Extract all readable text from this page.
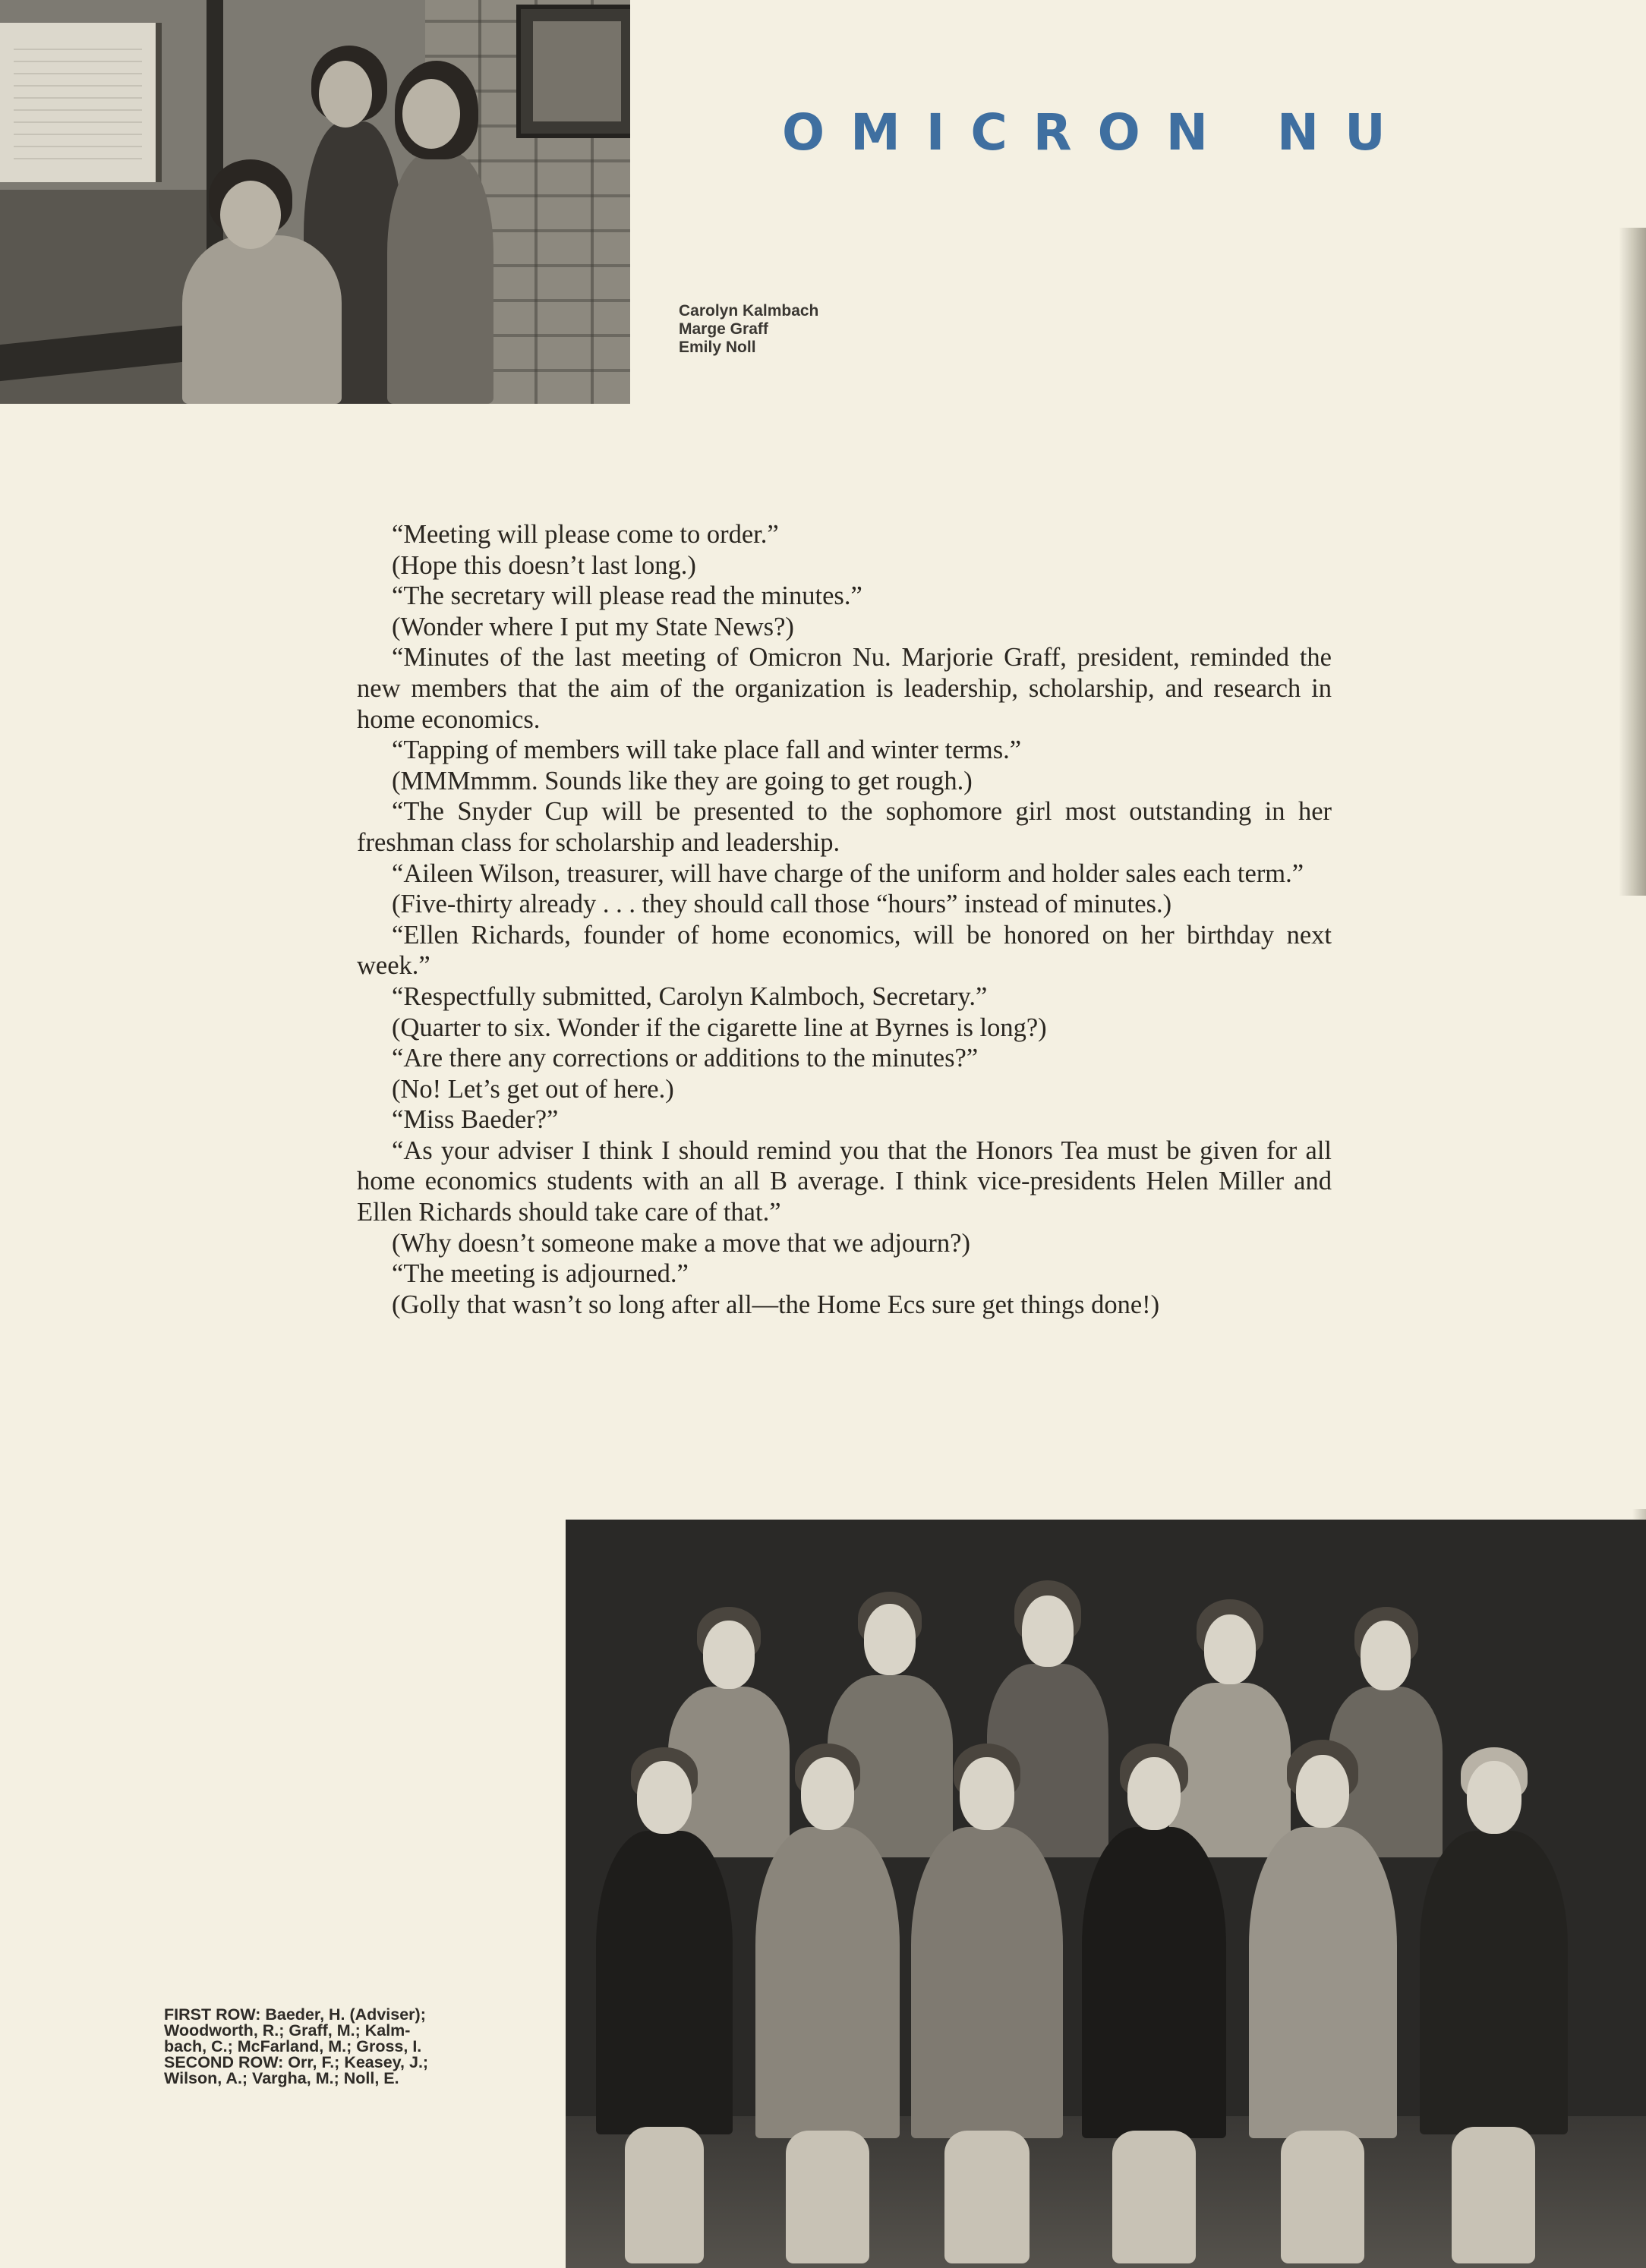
OMICRON NU
Carolyn Kalmbach
Marge Graff
Emily Noll

“Meeting will please come to order.”

(Hope this doesn’t last long.)

“The secretary will please read the minutes.”

(Wonder where I put my State News?)

“Minutes of the last meeting of Omicron Nu. Marjorie Graff, president, reminded the new members that the aim of the organization is leadership, scholarship, and research in home economics.

“Tapping of members will take place fall and winter terms.”

(MMMmmm. Sounds like they are going to get rough.)

“The Snyder Cup will be presented to the sophomore girl most outstanding in her freshman class for scholarship and leadership.

“Aileen Wilson, treasurer, will have charge of the uniform and holder sales each term.”

(Five-thirty already . . . they should call those “hours” instead of minutes.)

“Ellen Richards, founder of home economics, will be honored on her birthday next week.”

“Respectfully submitted, Carolyn Kalmboch, Secretary.”

(Quarter to six. Wonder if the cigarette line at Byrnes is long?)

“Are there any corrections or additions to the minutes?”

(No! Let’s get out of here.)

“Miss Baeder?”

“As your adviser I think I should remind you that the Honors Tea must be given for all home economics students with an all B average. I think vice-presidents Helen Miller and Ellen Richards should take care of that.”

(Why doesn’t someone make a move that we adjourn?)

“The meeting is adjourned.”

(Golly that wasn’t so long after all—the Home Ecs sure get things done!)

FIRST ROW: Baeder, H. (Adviser);
Woodworth, R.; Graff, M.; Kalm-
bach, C.; McFarland, M.; Gross, I.
SECOND ROW: Orr, F.; Keasey, J.;
Wilson, A.; Vargha, M.; Noll, E.
